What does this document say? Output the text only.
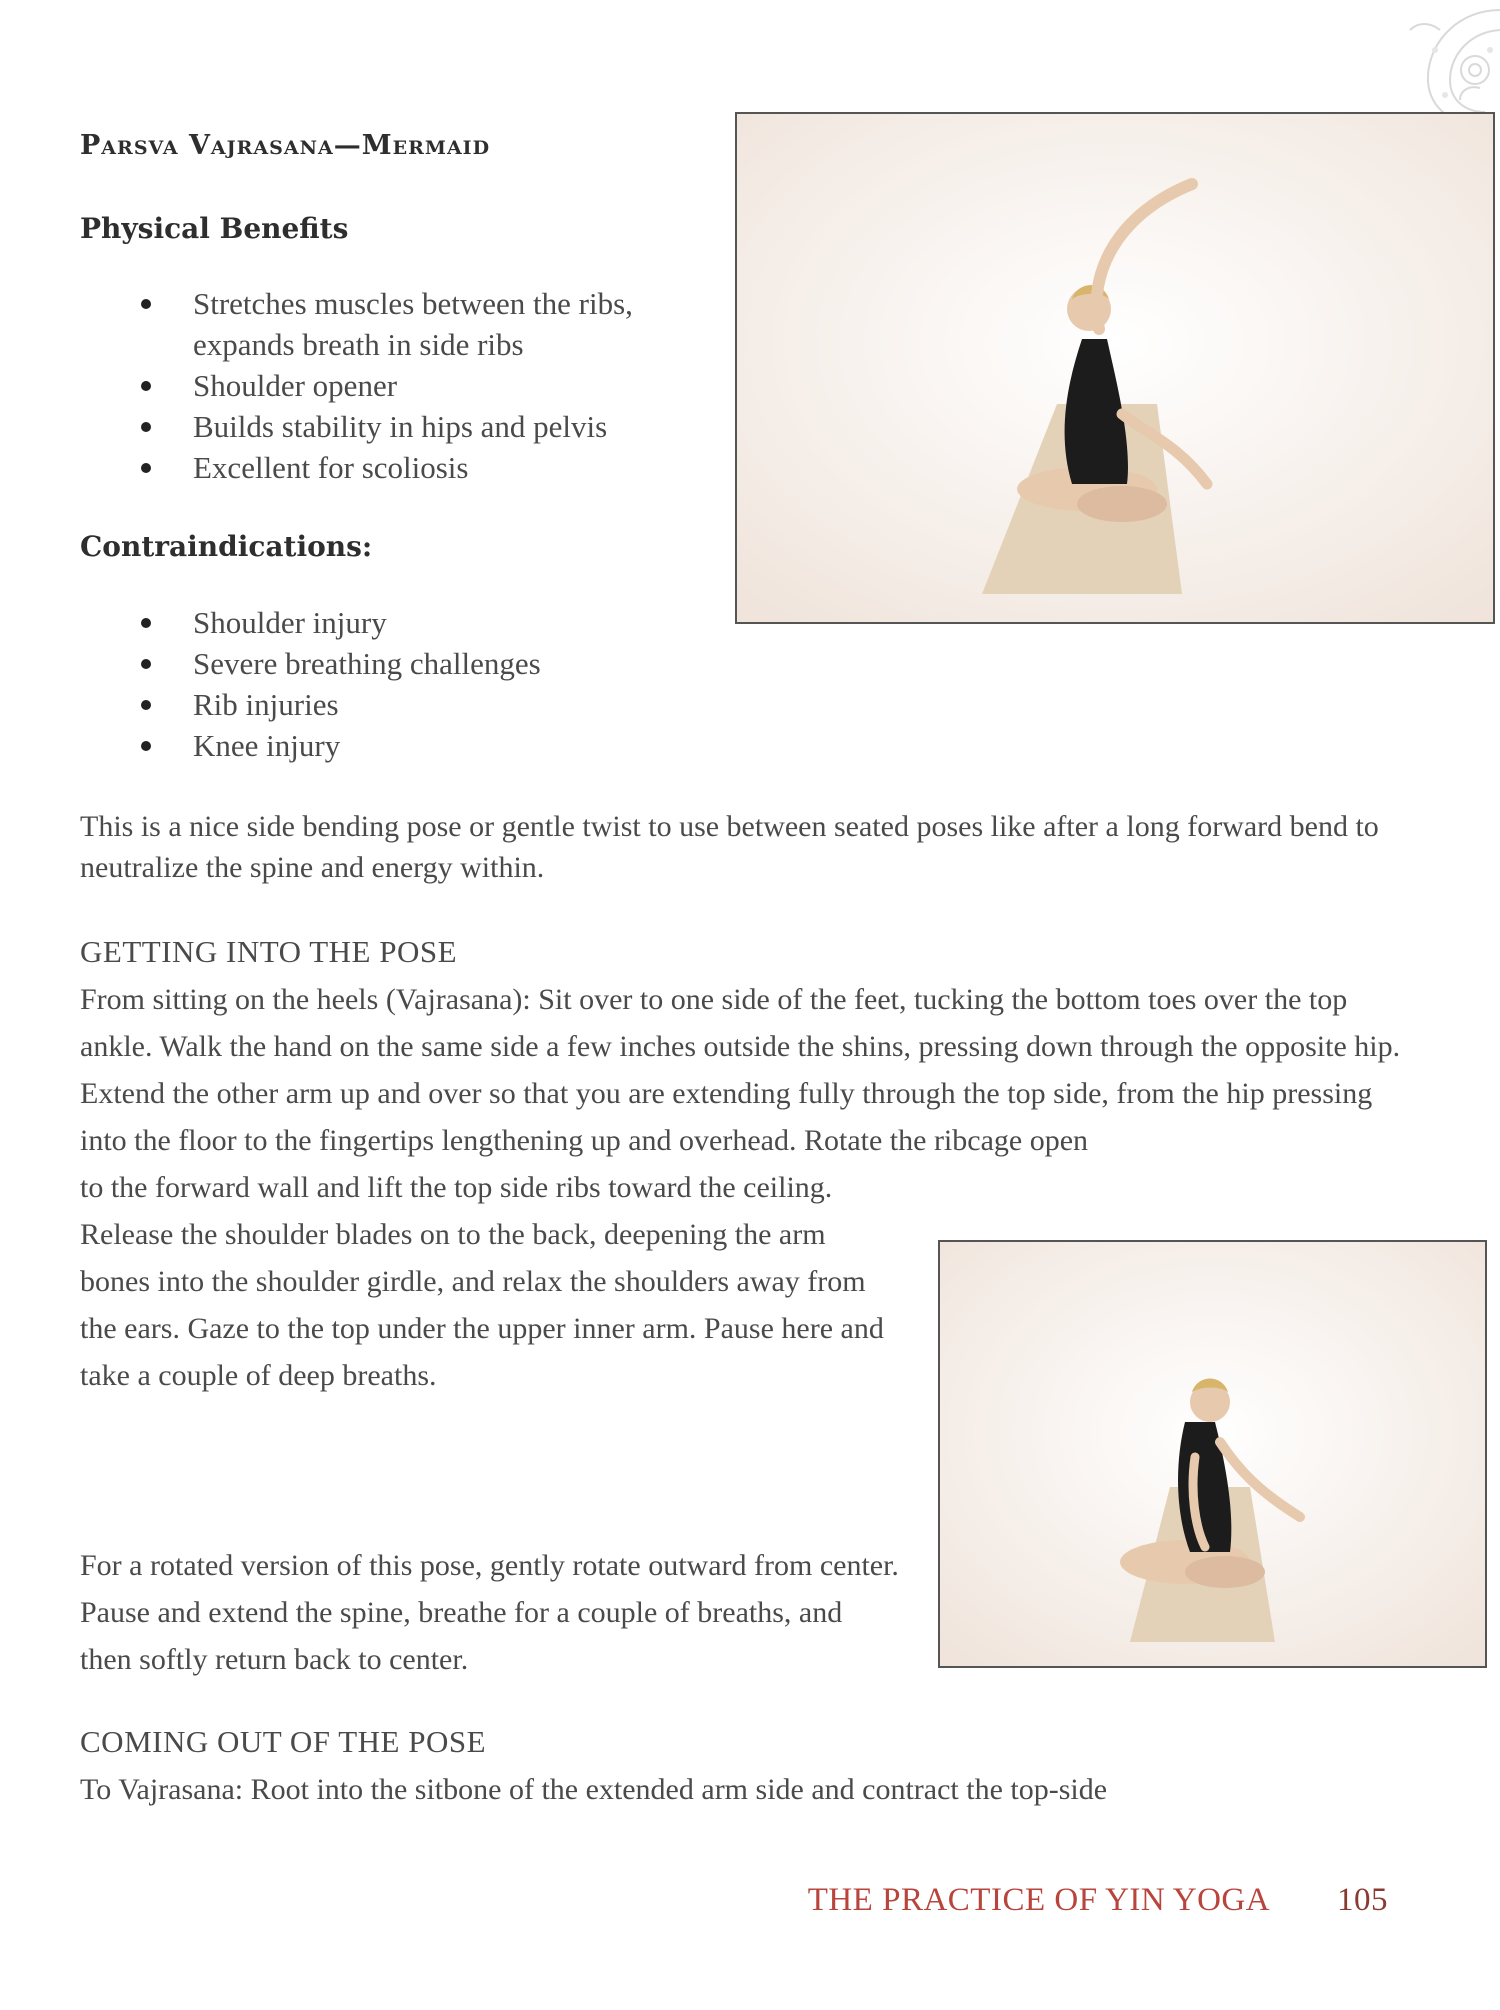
Parsva Vajrasana—Mermaid
Physical Benefits
Stretches muscles between the ribs, expands breath in side ribs
Shoulder opener
Builds stability in hips and pelvis
Excellent for scoliosis
Contraindications:
Shoulder injury
Severe breathing challenges
Rib injuries
Knee injury
This is a nice side bending pose or gentle twist to use between seated poses like after a long forward bend to neutralize the spine and energy within.
GETTING INTO THE POSE
From sitting on the heels (Vajrasana): Sit over to one side of the feet, tucking the bottom toes over the top ankle. Walk the hand on the same side a few inches outside the shins, pressing down through the opposite hip. Extend the other arm up and over so that you are extending fully through the top side, from the hip pressing into the floor to the fingertips lengthening up and overhead. Rotate the ribcage open
to the forward wall and lift the top side ribs toward the ceiling. Release the shoulder blades on to the back, deepening the arm bones into the shoulder girdle, and relax the shoulders away from the ears. Gaze to the top under the upper inner arm. Pause here and take a couple of deep breaths.
For a rotated version of this pose, gently rotate outward from center. Pause and extend the spine, breathe for a couple of breaths, and then softly return back to center.
COMING OUT OF THE POSE
To Vajrasana: Root into the sitbone of the extended arm side and contract the top-side
THE PRACTICE OF YIN YOGA 105
